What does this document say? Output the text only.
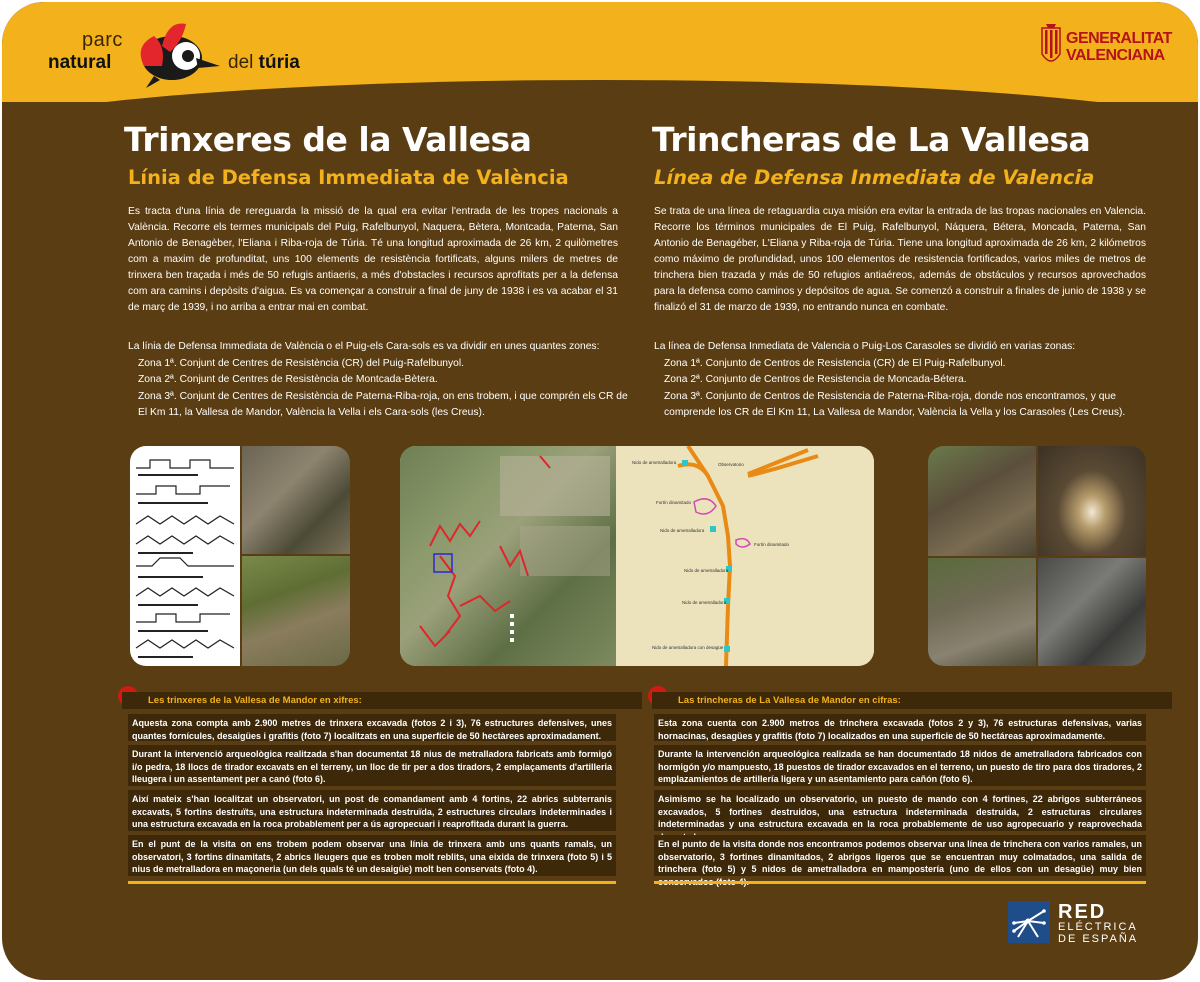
parc
natural	del túria
GENERALITAT
VALENCIANA
Trinxeres de la Vallesa
Línia de Defensa Immediata de València
Trincheras de La Vallesa
Línea de Defensa Inmediata de Valencia

Es tracta d'una línia de rereguarda la missió de la qual era evitar l'entrada de les tropes nacionals a València. Recorre els termes municipals del Puig, Rafelbunyol, Naquera, Bètera, Montcada, Paterna, San Antonio de Benagèber, l'Eliana i Riba-roja de Túria. Té una longitud aproximada de 26 km, 2 quilòmetres com a maxim de profunditat, uns 100 elements de resistència fortificats, alguns milers de metres de trinxera ben traçada i més de 50 refugis antiaeris, a més d'obstacles i recursos aprofitats per a la defensa com ara camins i depòsits d'aigua. Es va començar a construir a final de juny de 1938 i es va acabar el 31 de març de 1939, i no arriba a entrar mai en combat.

Se trata de una línea de retaguardia cuya misión era evitar la entrada de las tropas nacionales en Valencia. Recorre los términos municipales de El Puig, Rafelbunyol, Náquera, Bétera, Moncada, Paterna, San Antonio de Benagéber, L'Eliana y Riba-roja de Túria. Tiene una longitud aproximada de 26 km, 2 kilómetros como máximo de profundidad, unos 100 elementos de resistencia fortificados, varios miles de metros de trinchera bien trazada y más de 50 refugios antiaéreos, además de obstáculos y recursos aprovechados para la defensa como caminos y depósitos de agua. Se comenzó a construir a finales de junio de 1938 y se finalizó el 31 de marzo de 1939, no entrando nunca en combate.

La línia de Defensa Immediata de València o el Puig-els Cara-sols es va dividir en unes quantes zones:

Zona 1ª. Conjunt de Centres de Resistència (CR) del Puig-Rafelbunyol.

Zona 2ª. Conjunt de Centres de Resistència de Montcada-Bètera.

Zona 3ª. Conjunt de Centres de Resistència de Paterna-Riba-roja, on ens trobem, i que comprén els CR de El Km 11, la Vallesa de Mandor, València la Vella i els Cara-sols (les Creus).

La línea de Defensa Inmediata de Valencia o Puig-Los Carasoles se dividió en varias zonas:

Zona 1ª. Conjunto de Centros de Resistencia (CR) de El Puig-Rafelbunyol.

Zona 2ª. Conjunto de Centros de Resistencia de Moncada-Bétera.

Zona 3ª. Conjunto de Centros de Resistencia de Paterna-Riba-roja, donde nos encontramos, y que comprende los CR de El Km 11, La Vallesa de Mandor, València la Vella y los Carasoles (Les Creus).

Nido de ametralladora	Observatorio
Fortín dinamitado
Nido de ametralladora
Fortín dinamitado
Nido de ametralladora
Nido de ametralladora
Nido de ametralladora con desagüe
Les trinxeres de la Vallesa de Mandor en xifres:
Aquesta zona compta amb 2.900 metres de trinxera excavada (fotos 2 i 3), 76 estructures defensives, unes quantes fornícules, desaigües i grafitis (foto 7) localitzats en una superfície de 50 hectàrees aproximadament.
Durant la intervenció arqueològica realitzada s'han documentat 18 nius de metralladora fabricats amb formigó i/o pedra, 18 llocs de tirador excavats en el terreny, un lloc de tir per a dos tiradors, 2 emplaçaments d'artilleria lleugera i un assentament per a canó (foto 6).
Així mateix s'han localitzat un observatori, un post de comandament amb 4 fortins, 22 abrics subterranis excavats, 5 fortins destruïts, una estructura indeterminada destruïda, 2 estructures circulars indeterminades i una estructura excavada en la roca probablement per a ús agropecuari i reaprofitada durant la guerra.
En el punt de la visita on ens trobem podem observar una línia de trinxera amb uns quants ramals, un observatori, 3 fortins dinamitats, 2 abrics lleugers que es troben molt reblits, una eixida de trinxera (foto 5) i 5 nius de metralladora en maçoneria (un dels quals té un desaigüe) molt ben conservats (foto 4).
Las trincheras de La Vallesa de Mandor en cifras:
Esta zona cuenta con 2.900 metros de trinchera excavada (fotos 2 y 3), 76 estructuras defensivas, varias hornacinas, desagües y grafitis (foto 7) localizados en una superficie de 50 hectáreas aproximadamente.
Durante la intervención arqueológica realizada se han documentado 18 nidos de ametralladora fabricados con hormigón y/o mampuesto, 18 puestos de tirador excavados en el terreno, un puesto de tiro para dos tiradores, 2 emplazamientos de artillería ligera y un asentamiento para cañón (foto 6).
Asimismo se ha localizado un observatorio, un puesto de mando con 4 fortines, 22 abrigos subterráneos excavados, 5 fortines destruidos, una estructura indeterminada destruida, 2 estructuras circulares indeterminadas y una estructura excavada en la roca probablemente de uso agropecuario y reaprovechada
En el punto de la visita donde nos encontramos podemos observar una línea de trinchera con varios ramales, un observatorio, 3 fortines dinamitados, 2 abrigos ligeros que se encuentran muy colmatados, una salida de trinchera (foto 5) y 5 nidos de ametralladora en mampostería (uno de ellos con un desagüe) muy bien
RED
ELÉCTRICA
DE ESPAÑA
